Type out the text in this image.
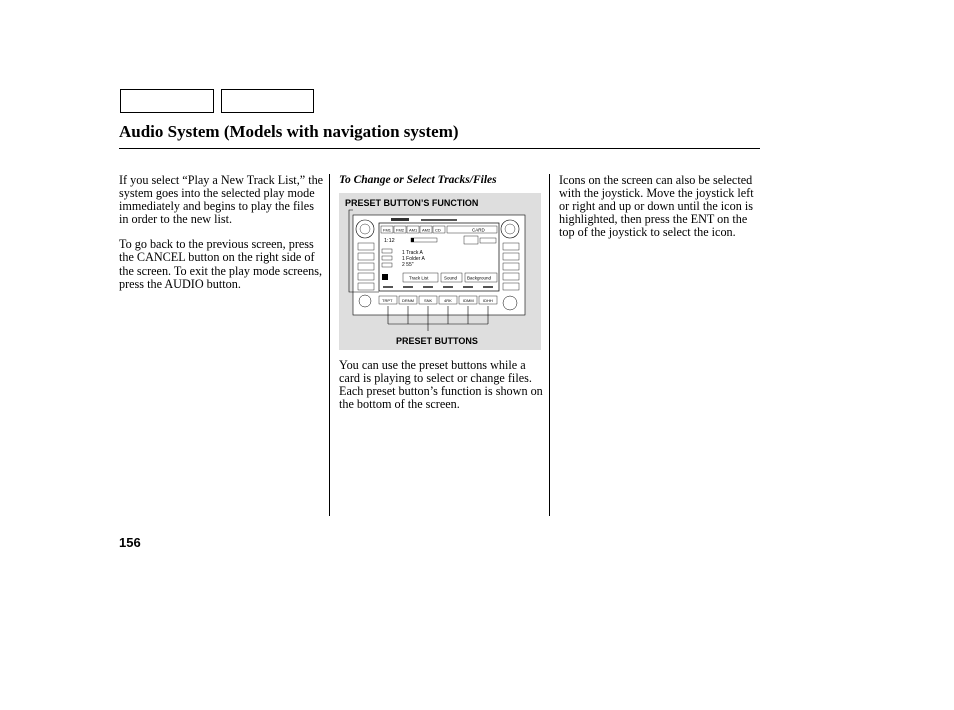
Audio System (Models with navigation system)

If you select “Play a New Track List,” the system goes into the selected play mode immediately and begins to play the files in order to the new list.

To go back to the previous screen, press the CANCEL button on the right side of the screen. To exit the play mode screens, press the AUDIO button.

To Change or Select Tracks/Files
PRESET BUTTON’S FUNCTION
PRESET BUTTONS
FM1 FM2 AM1 AM2 CD	CARD
1:12
1 Track A
1 Folder A
2 55"
Track List	Sound Background
TRPT DRNM	SNK	4RK	IDMM IDHH

You can use the preset buttons while a card is playing to select or change files. Each preset button’s function is shown on the bottom of the screen.

Icons on the screen can also be selected with the joystick. Move the joystick left or right and up or down until the icon is highlighted, then press the ENT on the top of the joystick to select the icon.

156
